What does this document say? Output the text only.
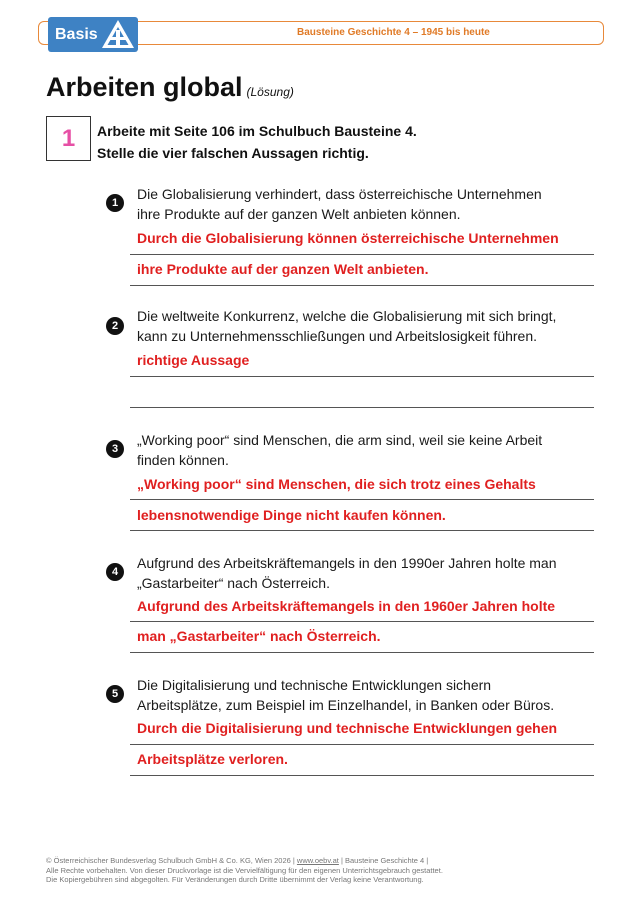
Bausteine Geschichte 4 – 1945 bis heute
Basis
Arbeiten global (Lösung)
1	Arbeite mit Seite 106 im Schulbuch Bausteine 4.
Stelle die vier falschen Aussagen richtig.
1
Die Globalisierung verhindert, dass österreichische Unternehmen
ihre Produkte auf der ganzen Welt anbieten können.
Durch die Globalisierung können österreichische Unternehmen
ihre Produkte auf der ganzen Welt anbieten.
2
Die weltweite Konkurrenz, welche die Globalisierung mit sich bringt,
kann zu Unternehmensschließungen und Arbeitslosigkeit führen.
richtige Aussage
3
„Working poor“ sind Menschen, die arm sind, weil sie keine Arbeit
finden können.
„Working poor“ sind Menschen, die sich trotz eines Gehalts
lebensnotwendige Dinge nicht kaufen können.
4
Aufgrund des Arbeitskräftemangels in den 1990er Jahren holte man
„Gastarbeiter“ nach Österreich.
Aufgrund des Arbeitskräftemangels in den 1960er Jahren holte
man „Gastarbeiter“ nach Österreich.
5
Die Digitalisierung und technische Entwicklungen sichern
Arbeitsplätze, zum Beispiel im Einzelhandel, in Banken oder Büros.
Durch die Digitalisierung und technische Entwicklungen gehen
Arbeitsplätze verloren.
© Österreichischer Bundesverlag Schulbuch GmbH & Co. KG, Wien 2026 | www.oebv.at | Bausteine Geschichte 4 |
Alle Rechte vorbehalten. Von dieser Druckvorlage ist die Vervielfältigung für den eigenen Unterrichtsgebrauch gestattet.
Die Kopiergebühren sind abgegolten. Für Veränderungen durch Dritte übernimmt der Verlag keine Verantwortung.
